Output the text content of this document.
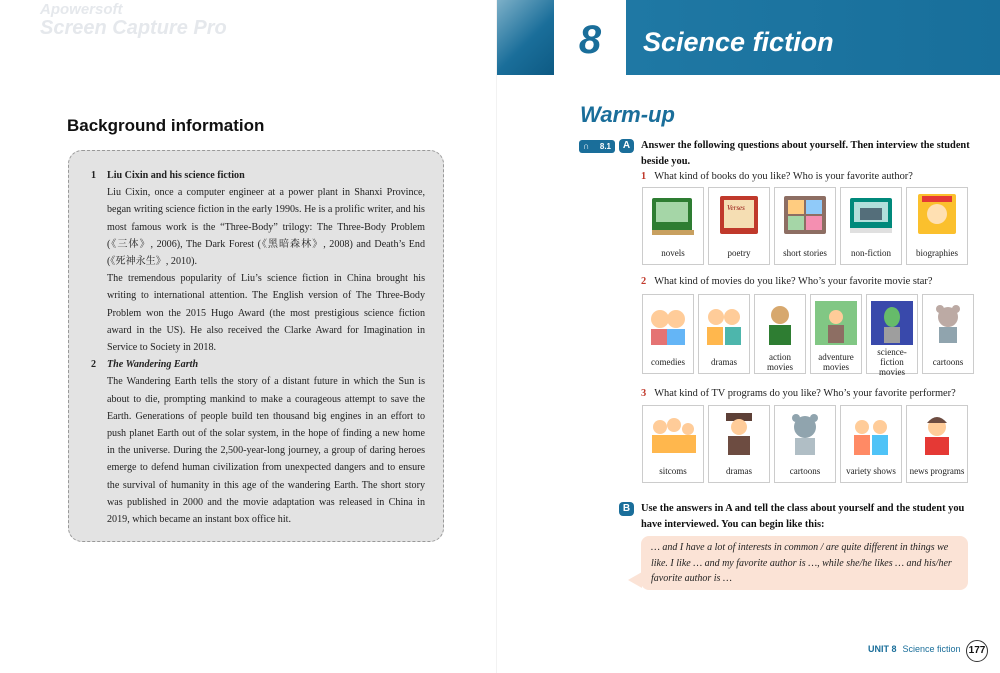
Apowersoft
Screen Capture Pro
Background information
1 Liu Cixin and his science fiction

Liu Cixin, once a computer engineer at a power plant in Shanxi Province, began writing science fiction in the early 1990s. He is a prolific writer, and his most famous work is the “Three-Body” trilogy: The Three-Body Problem (《三体》, 2006), The Dark Forest (《黑暗森林》, 2008) and Death’s End (《死神永生》, 2010).

The tremendous popularity of Liu’s science fiction in China brought his writing to international attention. The English version of The Three-Body Problem won the 2015 Hugo Award (the most prestigious science fiction award in the US). He also received the Clarke Award for Imagination in Service to Society in 2018.

2 The Wandering Earth

The Wandering Earth tells the story of a distant future in which the Sun is about to die, prompting mankind to make a courageous attempt to save the Earth. Generations of people build ten thousand big engines in an effort to push planet Earth out of the solar system, in the hope of finding a new home in the universe. During the 2,500-year-long journey, a group of daring heroes emerge to defend human civilization from unexpected dangers and to ensure the survival of humanity in this age of the wandering Earth. The short story was published in 2000 and the movie adaptation was released in China in 2019, which became an instant box office hit.

8	Science fiction
Warm-up
∩ 8.1	A	Answer the following questions about yourself. Then interview the student beside you.
1 What kind of books do you like? Who is your favorite author?
novels
Verses
poetry	short stories	non-fiction	biographies
2 What kind of movies do you like? Who’s your favorite movie star?
comedies	dramas	action movies
adventure movies
science-fiction movies
cartoons
3 What kind of TV programs do you like? Who’s your favorite performer?
sitcoms	dramas	cartoons	variety shows news programs
B	Use the answers in A and tell the class about yourself and the student you have interviewed. You can begin like this:
… and I have a lot of interests in common / are quite different in things we like. I like … and my favorite author is …, while she/he likes … and his/her favorite author is …
UNIT 8 Science fiction 177
